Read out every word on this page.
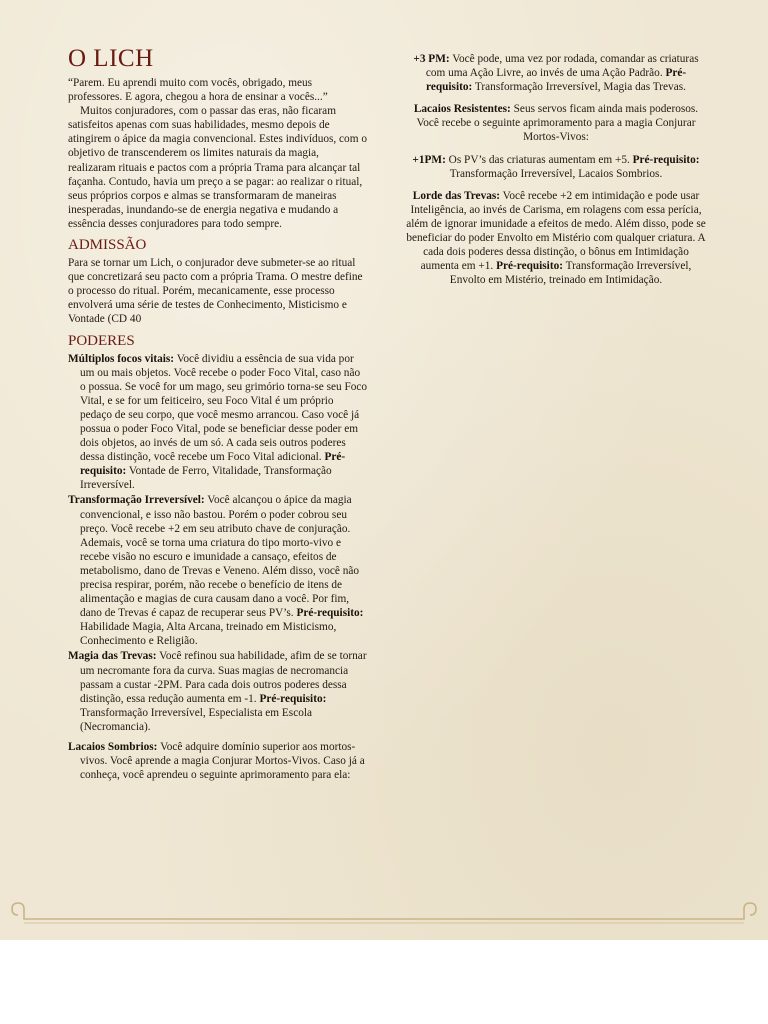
O LICH

“Parem. Eu aprendi muito com vocês, obrigado, meus professores. E agora, chegou a hora de ensinar a vocês...”

Muitos conjuradores, com o passar das eras, não ficaram satisfeitos apenas com suas habilidades, mesmo depois de atingirem o ápice da magia convencional. Estes indivíduos, com o objetivo de transcenderem os limites naturais da magia, realizaram rituais e pactos com a própria Trama para alcançar tal façanha. Contudo, havia um preço a se pagar: ao realizar o ritual, seus próprios corpos e almas se transformaram de maneiras inesperadas, inundando-se de energia negativa e mudando a essência desses conjuradores para todo sempre.

ADMISSÃO

Para se tornar um Lich, o conjurador deve submeter-se ao ritual que concretizará seu pacto com a própria Trama. O mestre define o processo do ritual. Porém, mecanicamente, esse processo envolverá uma série de testes de Conhecimento, Misticismo e Vontade (CD 40

PODERES

Múltiplos focos vitais: Você dividiu a essência de sua vida por um ou mais objetos. Você recebe o poder Foco Vital, caso não o possua. Se você for um mago, seu grimório torna-se seu Foco Vital, e se for um feiticeiro, seu Foco Vital é um próprio pedaço de seu corpo, que você mesmo arrancou. Caso você já possua o poder Foco Vital, pode se beneficiar desse poder em dois objetos, ao invés de um só. A cada seis outros poderes dessa distinção, você recebe um Foco Vital adicional. Pré-requisito: Vontade de Ferro, Vitalidade, Transformação Irreversível.

Transformação Irreversível: Você alcançou o ápice da magia convencional, e isso não bastou. Porém o poder cobrou seu preço. Você recebe +2 em seu atributo chave de conjuração. Ademais, você se torna uma criatura do tipo morto-vivo e recebe visão no escuro e imunidade a cansaço, efeitos de metabolismo, dano de Trevas e Veneno. Além disso, você não precisa respirar, porém, não recebe o benefício de itens de alimentação e magias de cura causam dano a você. Por fim, dano de Trevas é capaz de recuperar seus PV’s. Pré-requisito: Habilidade Magia, Alta Arcana, treinado em Misticismo, Conhecimento e Religião.

Magia das Trevas: Você refinou sua habilidade, afim de se tornar um necromante fora da curva. Suas magias de necromancia passam a custar -2PM. Para cada dois outros poderes dessa distinção, essa redução aumenta em -1. Pré-requisito: Transformação Irreversível, Especialista em Escola (Necromancia).

Lacaios Sombrios: Você adquire domínio superior aos mortos-vivos. Você aprende a magia Conjurar Mortos-Vivos. Caso já a conheça, você aprendeu o seguinte aprimoramento para ela:

+3 PM: Você pode, uma vez por rodada, comandar as criaturas com uma Ação Livre, ao invés de uma Ação Padrão. Pré-requisito: Transformação Irreversível, Magia das Trevas.

Lacaios Resistentes: Seus servos ficam ainda mais poderosos. Você recebe o seguinte aprimoramento para a magia Conjurar Mortos-Vivos:

+1PM: Os PV’s das criaturas aumentam em +5. Pré-requisito: Transformação Irreversível, Lacaios Sombrios.

Lorde das Trevas: Você recebe +2 em intimidação e pode usar Inteligência, ao invés de Carisma, em rolagens com essa perícia, além de ignorar imunidade a efeitos de medo. Além disso, pode se beneficiar do poder Envolto em Mistério com qualquer criatura. A cada dois poderes dessa distinção, o bônus em Intimidação aumenta em +1. Pré-requisito: Transformação Irreversível, Envolto em Mistério, treinado em Intimidação.
